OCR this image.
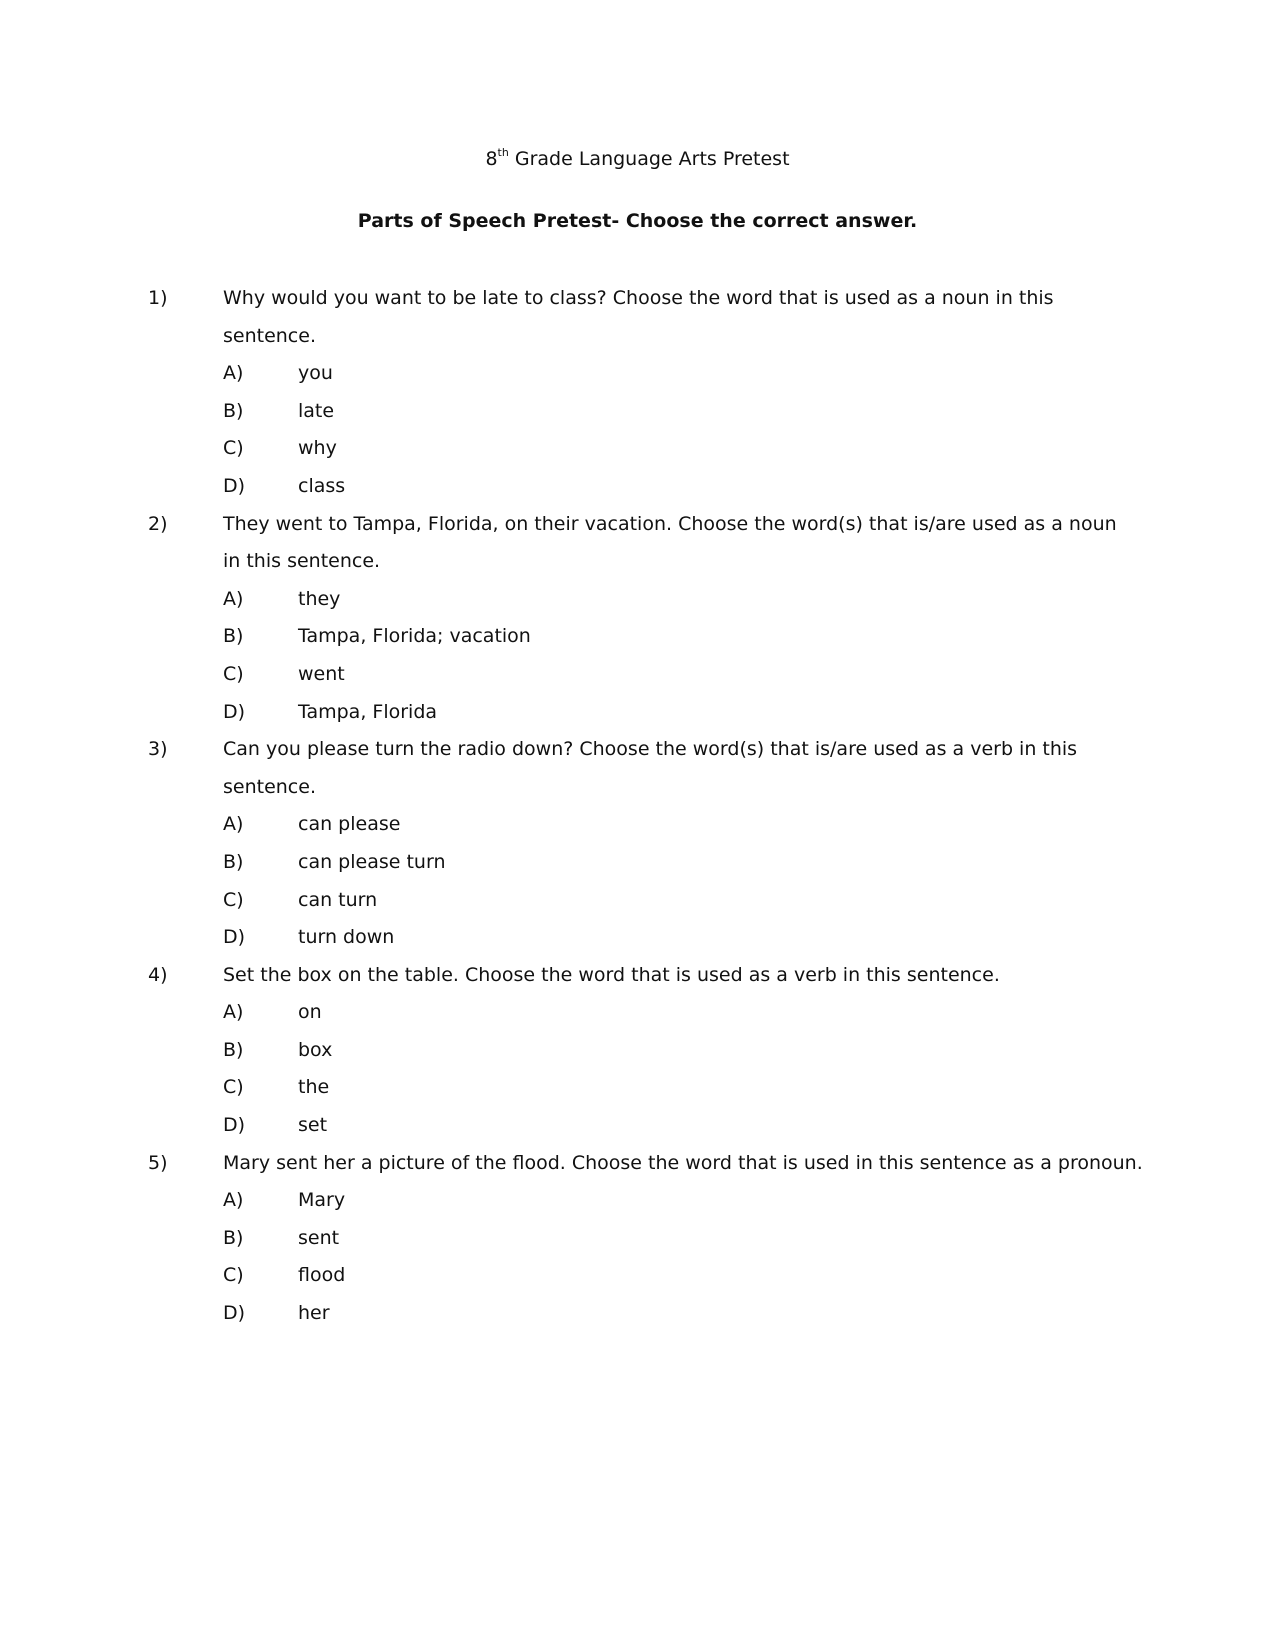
8th Grade Language Arts Pretest
Parts of Speech Pretest- Choose the correct answer.
1)	Why would you want to be late to class? Choose the word that is used as a noun in this sentence.
A)	you
B)	late
C)	why
D)	class
2)	They went to Tampa, Florida, on their vacation. Choose the word(s) that is/are used as a noun in this sentence.
A)	they
B)	Tampa, Florida; vacation
C)	went
D)	Tampa, Florida
3)	Can you please turn the radio down? Choose the word(s) that is/are used as a verb in this sentence.
A)	can please
B)	can please turn
C)	can turn
D)	turn down
4)	Set the box on the table. Choose the word that is used as a verb in this sentence.
A)	on
B)	box
C)	the
D)	set
5)	Mary sent her a picture of the flood. Choose the word that is used in this sentence as a pronoun.
A)	Mary
B)	sent
C)	flood
D)	her
